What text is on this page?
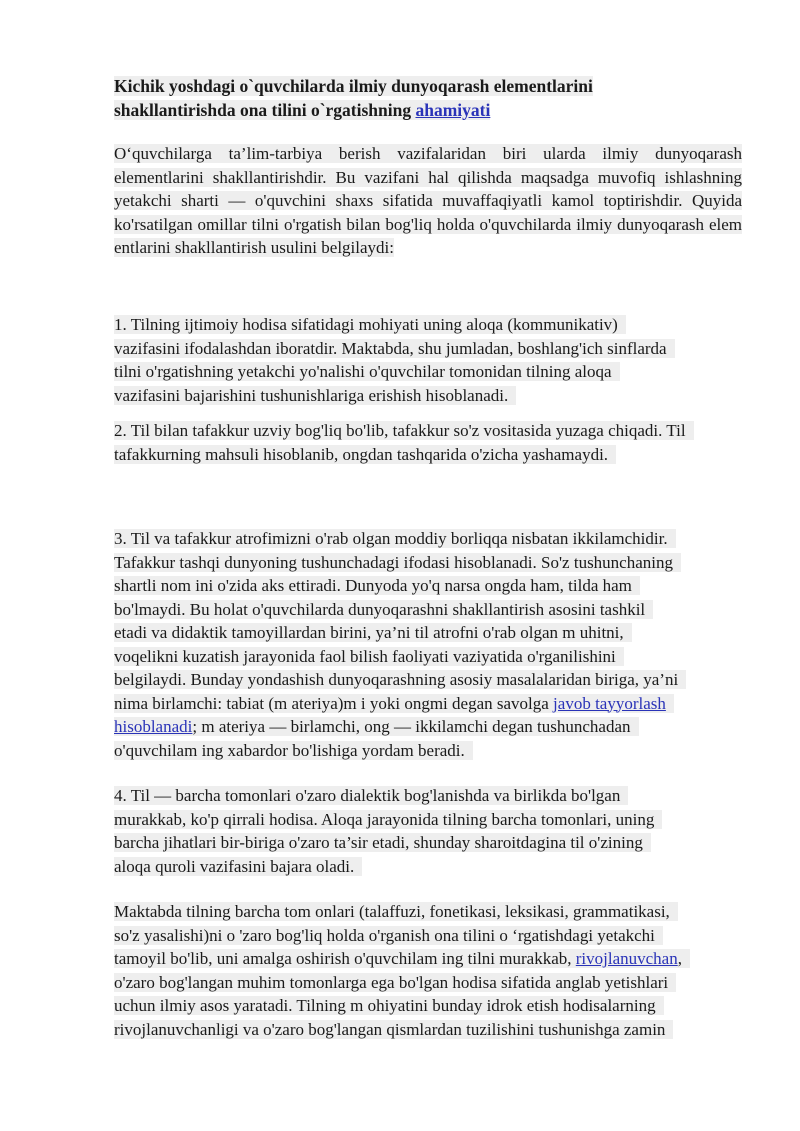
Kichik yoshdagi o`quvchilarda ilmiy dunyoqarash elementlarini
shakllantirishda ona tilini o`rgatishning ahamiyati

O‘quvchilarga ta’lim-tarbiya berish vazifalaridan biri ularda ilmiy dunyoqarash elementlarini shakllantirishdir. Bu vazifani hal qilishda maqsadga muvofiq ishlashning yetakchi sharti — o'quvchini shaxs sifatida muvaffaqiyatli kamol toptirishdir. Quyida ko'rsatilgan omillar tilni o'rgatish bilan bog'liq holda o'quvchilarda ilmiy dunyoqarash elem entlarini shakllantirish usulini belgilaydi:

1. Tilning ijtimoiy hodisa sifatidagi mohiyati uning aloqa (kommunikativ)
vazifasini ifodalashdan iboratdir. Maktabda, shu jumladan, boshlang'ich sinflarda
tilni o'rgatishning yetakchi yo'nalishi o'quvchilar tomonidan tilning aloqa
vazifasini bajarishini tushunishlariga erishish hisoblanadi.
2. Til bilan tafakkur uzviy bog'liq bo'lib, tafakkur so'z vositasida yuzaga chiqadi. Til
tafakkurning mahsuli hisoblanib, ongdan tashqarida o'zicha yashamaydi.
3. Til va tafakkur atrofimizni o'rab olgan moddiy borliqqa nisbatan ikkilamchidir.
Tafakkur tashqi dunyoning tushunchadagi ifodasi hisoblanadi. So'z tushunchaning
shartli nom ini o'zida aks ettiradi. Dunyoda yo'q narsa ongda ham, tilda ham
bo'lmaydi. Bu holat o'quvchilarda dunyoqarashni shakllantirish asosini tashkil
etadi va didaktik tamoyillardan birini, ya’ni til atrofni o'rab olgan m uhitni,
voqelikni kuzatish jarayonida faol bilish faoliyati vaziyatida o'rganilishini
belgilaydi. Bunday yondashish dunyoqarashning asosiy masalalaridan biriga, ya’ni
nima birlamchi: tabiat (m ateriya)m i yoki ongmi degan savolga javob tayyorlash
hisoblanadi; m ateriya — birlamchi, ong — ikkilamchi degan tushunchadan
o'quvchilam ing xabardor bo'lishiga yordam beradi.
4. Til — barcha tomonlari o'zaro dialektik bog'lanishda va birlikda bo'lgan
murakkab, ko'p qirrali hodisa. Aloqa jarayonida tilning barcha tomonlari, uning
barcha jihatlari bir-biriga o'zaro ta’sir etadi, shunday sharoitdagina til o'zining
aloqa quroli vazifasini bajara oladi.
Maktabda tilning barcha tom onlari (talaffuzi, fonetikasi, leksikasi, grammatikasi,
so'z yasalishi)ni o 'zaro bog'liq holda o'rganish ona tilini o ‘rgatishdagi yetakchi
tamoyil bo'lib, uni amalga oshirish o'quvchilam ing tilni murakkab, rivojlanuvchan,
o'zaro bog'langan muhim tomonlarga ega bo'lgan hodisa sifatida anglab yetishlari
uchun ilmiy asos yaratadi. Tilning m ohiyatini bunday idrok etish hodisalarning
rivojlanuvchanligi va o'zaro bog'langan qismlardan tuzilishini tushunishga zamin
